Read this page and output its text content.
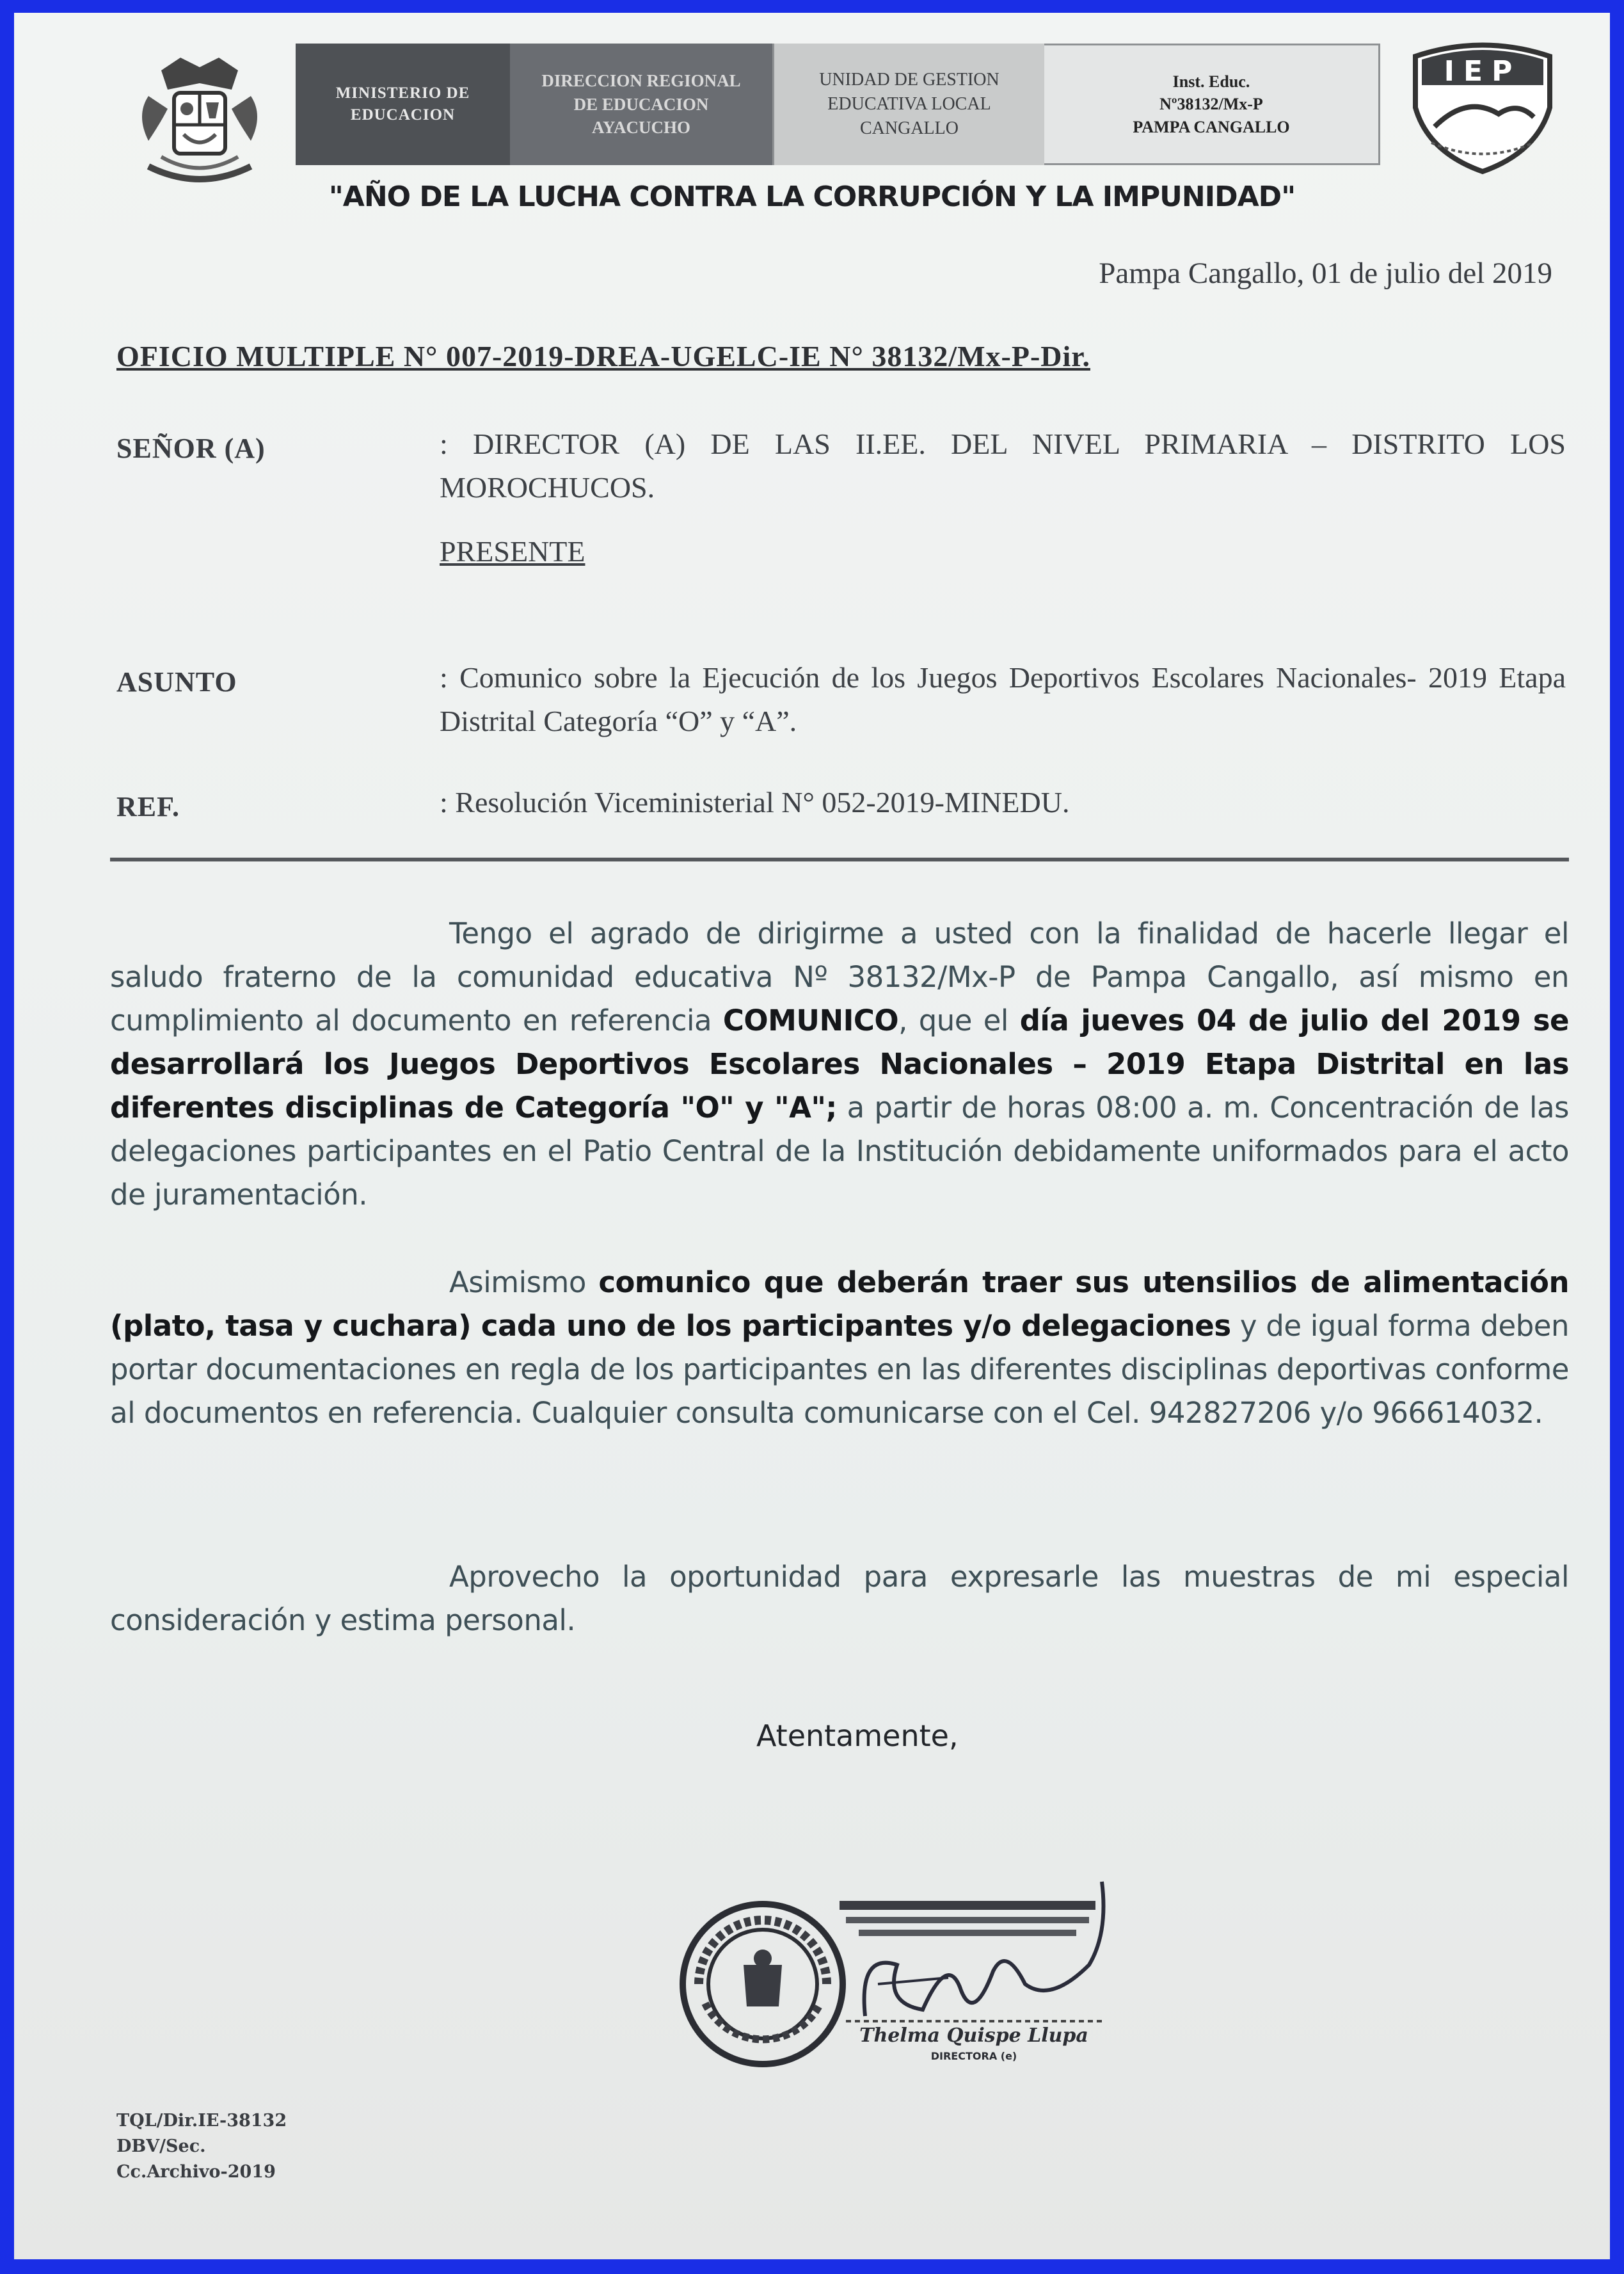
MINISTERIO DE
EDUCACION
DIRECCION REGIONAL
DE EDUCACION
AYACUCHO
UNIDAD DE GESTION
EDUCATIVA LOCAL
CANGALLO
Inst. Educ.
Nº38132/Mx-P
PAMPA CANGALLO
IEP
"AÑO DE LA LUCHA CONTRA LA CORRUPCIÓN Y LA IMPUNIDAD"
Pampa Cangallo, 01 de julio del 2019
OFICIO MULTIPLE N° 007-2019-DREA-UGELC-IE N° 38132/Mx-P-Dir.
SEÑOR (A)	: DIRECTOR (A) DE LAS II.EE. DEL NIVEL PRIMARIA – DISTRITO LOS MOROCHUCOS.
PRESENTE
ASUNTO	: Comunico sobre la Ejecución de los Juegos Deportivos Escolares Nacionales- 2019 Etapa Distrital Categoría “O” y “A”.
REF.	: Resolución Viceministerial N° 052-2019-MINEDU.
Tengo el agrado de dirigirme a usted con la finalidad de hacerle llegar el saludo fraterno de la comunidad educativa Nº 38132/Mx-P de Pampa Cangallo, así mismo en cumplimiento al documento en referencia COMUNICO, que el día jueves 04 de julio del 2019 se desarrollará los Juegos Deportivos Escolares Nacionales – 2019 Etapa Distrital en las diferentes disciplinas de Categoría "O" y "A"; a partir de horas 08:00 a. m. Concentración de las delegaciones participantes en el Patio Central de la Institución debidamente uniformados para el acto de juramentación.
Asimismo comunico que deberán traer sus utensilios de alimentación (plato, tasa y cuchara) cada uno de los participantes y/o delegaciones y de igual forma deben portar documentaciones en regla de los participantes en las diferentes disciplinas deportivas conforme al documentos en referencia. Cualquier consulta comunicarse con el Cel. 942827206 y/o 966614032.
Aprovecho la oportunidad para expresarle las muestras de mi especial consideración y estima personal.
Atentamente,
Thelma Quispe Llupa
DIRECTORA (e)
TQL/Dir.IE-38132
DBV/Sec.
Cc.Archivo-2019
